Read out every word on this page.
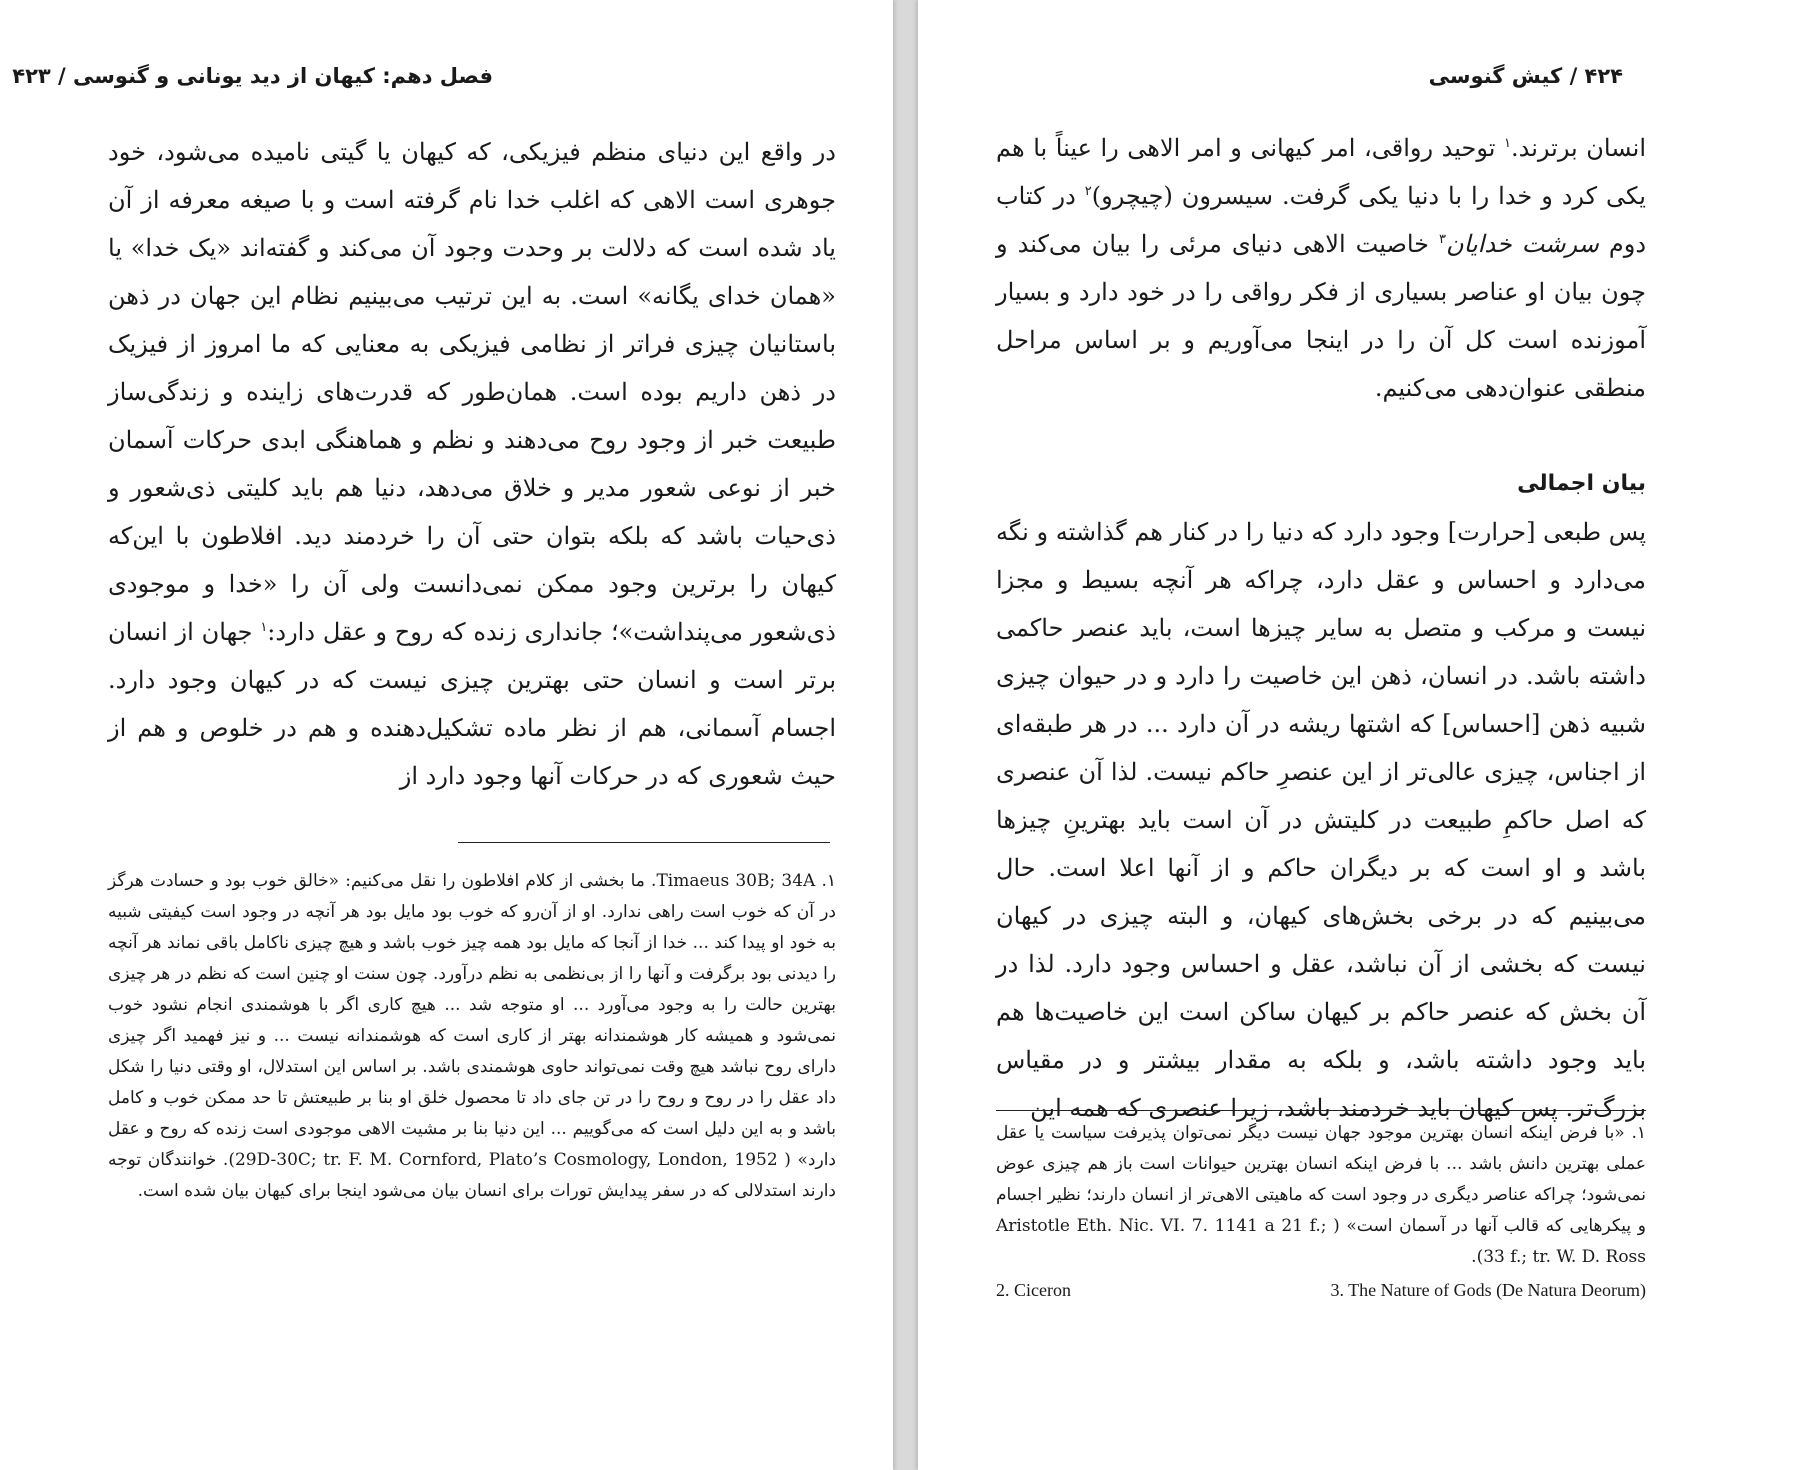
فصل دهم: کیهان از دید یونانی و گنوسی / ۴۲۳

در واقع این دنیای منظم فیزیکی، که کیهان یا گیتی نامیده می‌شود، خود جوهری است الاهی که اغلب خدا نام گرفته است و با صیغه معرفه از آن یاد شده است که دلالت بر وحدت وجود آن می‌کند و گفته‌اند «یک خدا» یا «همان خدای یگانه» است. به این ترتیب می‌بینیم نظام این جهان در ذهن باستانیان چیزی فراتر از نظامی فیزیکی به معنایی که ما امروز از فیزیک در ذهن داریم بوده است. همان‌طور که قدرت‌های زاینده و زندگی‌ساز طبیعت خبر از وجود روح می‌دهند و نظم و هماهنگی ابدی حرکات آسمان خبر از نوعی شعور مدیر و خلاق می‌دهد، دنیا هم باید کلیتی ذی‌شعور و ذی‌حیات باشد که بلکه بتوان حتی آن را خردمند دید. افلاطون با این‌که کیهان را برترین وجود ممکن نمی‌دانست ولی آن را «خدا و موجودی ذی‌شعور می‌پنداشت»؛ جانداری زنده که روح و عقل دارد:$^۱$ جهان از انسان برتر است و انسان حتی بهترین چیزی نیست که در کیهان وجود دارد. اجسام آسمانی، هم از نظر ماده تشکیل‌دهنده و هم در خلوص و هم از حیث شعوری که در حرکات آنها وجود دارد از

۱. Timaeus 30B; 34A. ما بخشی از کلام افلاطون را نقل می‌کنیم: «خالق خوب بود و حسادت هرگز در آن که خوب است راهی ندارد. او از آن‌رو که خوب بود مایل بود هر آنچه در وجود است کیفیتی شبیه به خود او پیدا کند ... خدا از آنجا که مایل بود همه چیز خوب باشد و هیچ چیزی ناکامل باقی نماند هر آنچه را دیدنی بود برگرفت و آنها را از بی‌نظمی به نظم درآورد. چون سنت او چنین است که نظم در هر چیزی بهترین حالت را به وجود می‌آورد ... او متوجه شد ... هیچ کاری اگر با هوشمندی انجام نشود خوب نمی‌شود و همیشه کار هوشمندانه بهتر از کاری است که هوشمندانه نیست ... و نیز فهمید اگر چیزی دارای روح نباشد هیچ وقت نمی‌تواند حاوی هوشمندی باشد. بر اساس این استدلال، او وقتی دنیا را شکل داد عقل را در روح و روح را در تن جای داد تا محصول خلق او بنا بر طبیعتش تا حد ممکن خوب و کامل باشد و به این دلیل است که می‌گوییم ... این دنیا بنا بر مشیت الاهی موجودی است زنده که روح و عقل دارد» ( 29D-30C; tr. F. M. Cornford, Plato’s Cosmology, London, 1952). خوانندگان توجه دارند استدلالی که در سفر پیدایش تورات برای انسان بیان می‌شود اینجا برای کیهان بیان شده است.

۴۲۴ / کیش گنوسی

انسان برترند.$^۱$ توحید رواقی، امر کیهانی و امر الاهی را عیناً با هم یکی کرد و خدا را با دنیا یکی گرفت. سیسرون (چیچرو)$^۲$ در کتاب دوم سرشت خدایان$^۳$ خاصیت الاهی دنیای مرئی را بیان می‌کند و چون بیان او عناصر بسیاری از فکر رواقی را در خود دارد و بسیار آموزنده است کل آن را در اینجا می‌آوریم و بر اساس مراحل منطقی عنوان‌دهی می‌کنیم.

بیان اجمالی

پس طبعی [حرارت] وجود دارد که دنیا را در کنار هم گذاشته و نگه می‌دارد و احساس و عقل دارد، چراکه هر آنچه بسیط و مجزا نیست و مرکب و متصل به سایر چیزها است، باید عنصر حاکمی داشته باشد. در انسان، ذهن این خاصیت را دارد و در حیوان چیزی شبیه ذهن [احساس] که اشتها ریشه در آن دارد ... در هر طبقه‌ای از اجناس، چیزی عالی‌تر از این عنصرِ حاکم نیست. لذا آن عنصری که اصل حاکمِ طبیعت در کلیتش در آن است باید بهترینِ چیزها باشد و او است که بر دیگران حاکم و از آنها اعلا است. حال می‌بینیم که در برخی بخش‌های کیهان، و البته چیزی در کیهان نیست که بخشی از آن نباشد، عقل و احساس وجود دارد. لذا در آن بخش که عنصر حاکم بر کیهان ساکن است این خاصیت‌ها هم باید وجود داشته باشد، و بلکه به مقدار بیشتر و در مقیاس بزرگ‌تر. پس کیهان باید خردمند باشد، زیرا عنصری که همه این

۱. «با فرض اینکه انسان بهترین موجود جهان نیست دیگر نمی‌توان پذیرفت سیاست یا عقل عملی بهترین دانش باشد ... با فرض اینکه انسان بهترین حیوانات است باز هم چیزی عوض نمی‌شود؛ چراکه عناصر دیگری در وجود است که ماهیتی الاهی‌تر از انسان دارند؛ نظیر اجسام و پیکرهایی که قالب آنها در آسمان است» ( Aristotle Eth. Nic. VI. 7. 1141 a 21 f.; 33 f.; tr. W. D. Ross).

2. Ciceron	3. The Nature of Gods (De Natura Deorum)
